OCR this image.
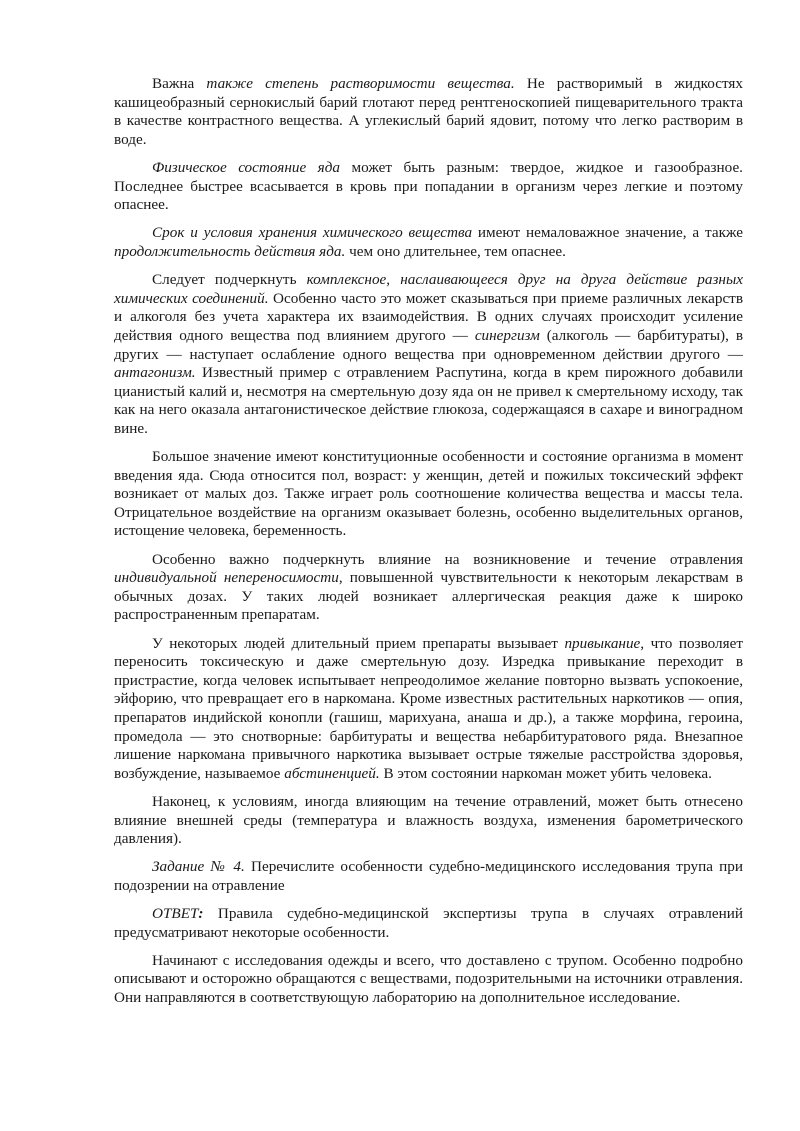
Важна также степень растворимости вещества. Не растворимый в жидкостях кашицеобразный сернокислый барий глотают перед рентгеноскопией пищеварительного тракта в качестве контрастного вещества. А углекислый барий ядовит, потому что легко растворим в воде.

Физическое состояние яда может быть разным: твердое, жидкое и газообразное. Последнее быстрее всасывается в кровь при попадании в организм через легкие и поэтому опаснее.

Срок и условия хранения химического вещества имеют немаловажное значение, а также продолжительность действия яда. чем оно длительнее, тем опаснее.

Следует подчеркнуть комплексное, наслаивающееся друг на друга действие разных химических соединений. Особенно часто это может сказываться при приеме различных лекарств и алкоголя без учета характера их взаимодействия. В одних случаях происходит усиление действия одного вещества под влиянием другого — синергизм (алкоголь — барбитураты), в других — наступает ослабление одного вещества при одновременном действии другого — антагонизм. Известный пример с отравлением Распутина, когда в крем пирожного добавили цианистый калий и, несмотря на смертельную дозу яда он не привел к смертельному исходу, так как на него оказала антагонистическое действие глюкоза, содержащаяся в сахаре и виноградном вине.

Большое значение имеют конституционные особенности и состояние организма в момент введения яда. Сюда относится пол, возраст: у женщин, детей и пожилых токсический эффект возникает от малых доз. Также играет роль соотношение количества вещества и массы тела. Отрицательное воздействие на организм оказывает болезнь, особенно выделительных органов, истощение человека, беременность.

Особенно важно подчеркнуть влияние на возникновение и течение отравления индивидуальной непереносимости, повышенной чувствительности к некоторым лекарствам в обычных дозах. У таких людей возникает аллергическая реакция даже к широко распространенным препаратам.

У некоторых людей длительный прием препараты вызывает привыкание, что позволяет переносить токсическую и даже смертельную дозу. Изредка привыкание переходит в пристрастие, когда человек испытывает непреодолимое желание повторно вызвать успокоение, эйфорию, что превращает его в наркомана. Кроме известных растительных наркотиков — опия, препаратов индийской конопли (гашиш, марихуана, анаша и др.), а также морфина, героина, промедола — это снотворные: барбитураты и вещества небарбитуратового ряда. Внезапное лишение наркомана привычного наркотика вызывает острые тяжелые расстройства здоровья, возбуждение, называемое абстиненцией. В этом состоянии наркоман может убить человека.

Наконец, к условиям, иногда влияющим на течение отравлений, может быть отнесено влияние внешней среды (температура и влажность воздуха, изменения барометрического давления).

Задание № 4. Перечислите особенности судебно-медицинского исследования трупа при подозрении на отравление

ОТВЕТ: Правила судебно-медицинской экспертизы трупа в случаях отравлений предусматривают некоторые особенности.

Начинают с исследования одежды и всего, что доставлено с трупом. Особенно подробно описывают и осторожно обращаются с веществами, подозрительными на источники отравления. Они направляются в соответствующую лабораторию на дополнительное исследование.
